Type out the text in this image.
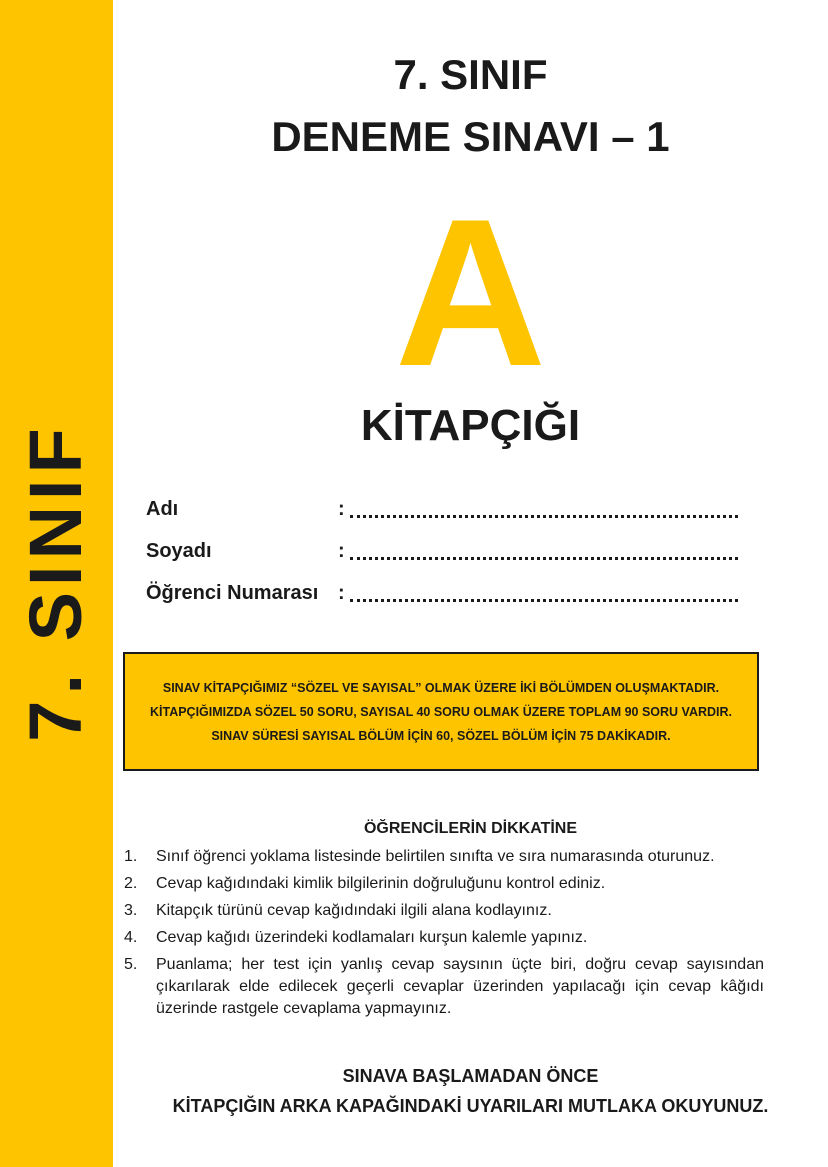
7. SINIF
7. SINIF
DENEME SINAVI – 1
A
KİTAPÇIĞI
Adı	:
Soyadı	:
Öğrenci Numarası :
SINAV KİTAPÇIĞIMIZ “SÖZEL VE SAYISAL” OLMAK ÜZERE İKİ BÖLÜMDEN OLUŞMAKTADIR.
KİTAPÇIĞIMIZDA SÖZEL 50 SORU, SAYISAL 40 SORU OLMAK ÜZERE TOPLAM 90 SORU VARDIR.
SINAV SÜRESİ SAYISAL BÖLÜM İÇİN 60, SÖZEL BÖLÜM İÇİN 75 DAKİKADIR.
ÖĞRENCİLERİN DİKKATİNE
1. Sınıf öğrenci yoklama listesinde belirtilen sınıfta ve sıra numarasında oturunuz.
2. Cevap kağıdındaki kimlik bilgilerinin doğruluğunu kontrol ediniz.
3. Kitapçık türünü cevap kağıdındaki ilgili alana kodlayınız.
4. Cevap kağıdı üzerindeki kodlamaları kurşun kalemle yapınız.
5. Puanlama; her test için yanlış cevap saysının üçte biri, doğru cevap sayısından çıkarılarak elde edilecek geçerli cevaplar üzerinden yapılacağı için cevap kâğıdı üzerinde rastgele cevaplama yapmayınız.
SINAVA BAŞLAMADAN ÖNCE
KİTAPÇIĞIN ARKA KAPAĞINDAKİ UYARILARI MUTLAKA OKUYUNUZ.
